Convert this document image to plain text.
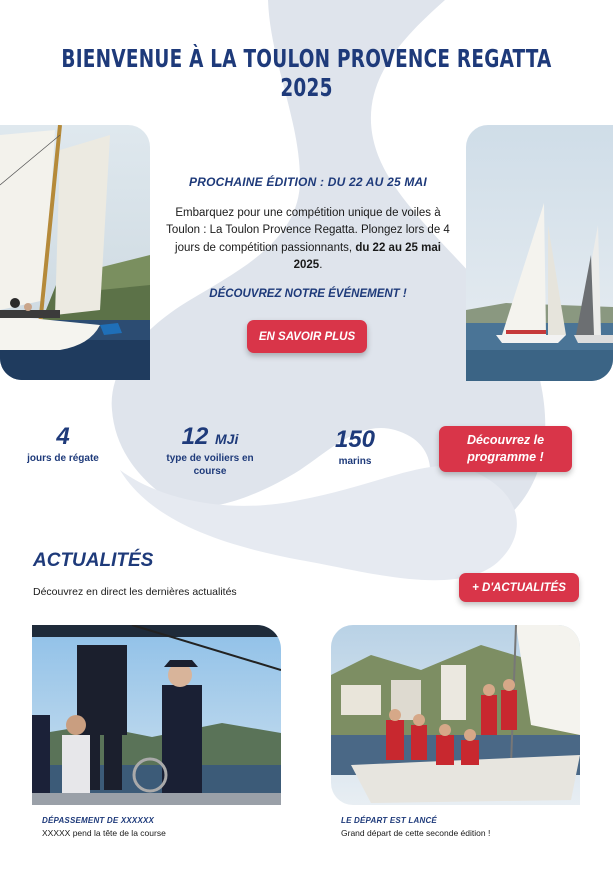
BIENVENUE À LA TOULON PROVENCE REGATTA 2025
PROCHAINE ÉDITION : DU 22 AU 25 MAI

Embarquez pour une compétition unique de voiles à Toulon : La Toulon Provence Regatta. Plongez lors de 4 jours de compétition passionnants, du 22 au 25 mai 2025.

DÉCOUVREZ NOTRE ÉVÉNEMENT !
EN SAVOIR PLUS
4
jours de régate
12 MJi
type de voiliers en course
150
marins
Découvrez le programme !
ACTUALITÉS

Découvrez en direct les dernières actualités	+ D'ACTUALITÉS
DÉPASSEMENT DE XXXXXX
XXXXX pend la tête de la course
LE DÉPART EST LANCÉ
Grand départ de cette seconde édition !
